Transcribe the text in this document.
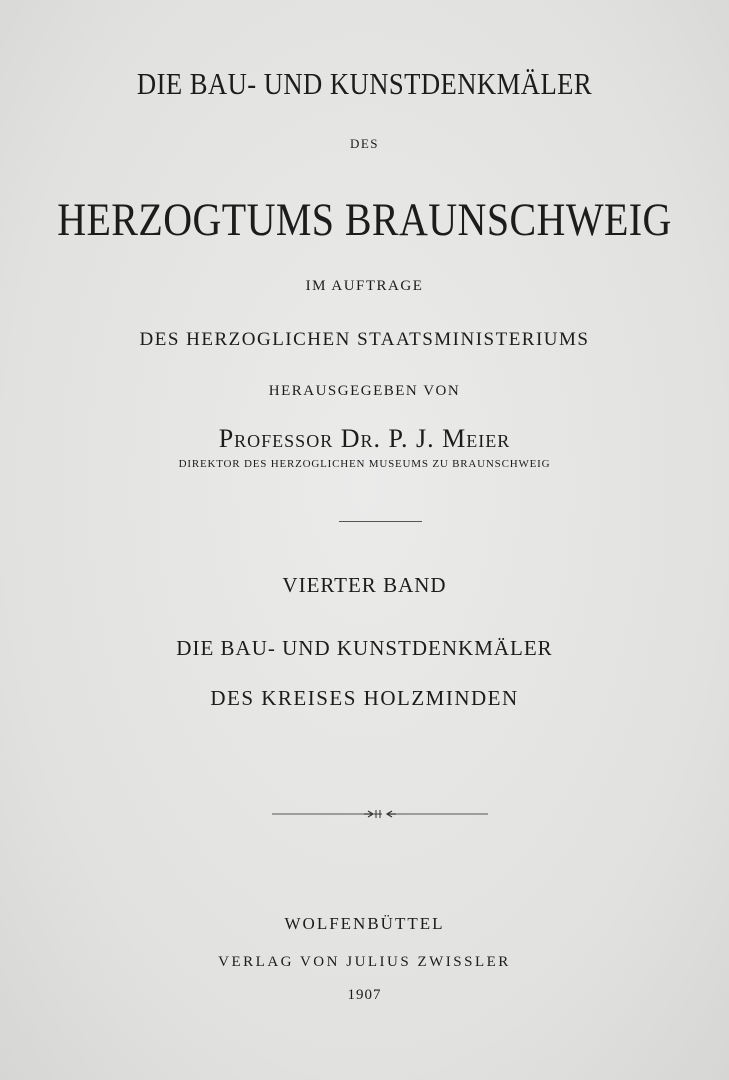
DIE BAU- UND KUNSTDENKMÄLER
DES
HERZOGTUMS BRAUNSCHWEIG
IM AUFTRAGE
DES HERZOGLICHEN STAATSMINISTERIUMS
HERAUSGEGEBEN VON
Professor Dr. P. J. Meier
DIREKTOR DES HERZOGLICHEN MUSEUMS ZU BRAUNSCHWEIG
VIERTER BAND
DIE BAU- UND KUNSTDENKMÄLER
DES KREISES HOLZMINDEN
WOLFENBÜTTEL
VERLAG VON JULIUS ZWISSLER
1907
